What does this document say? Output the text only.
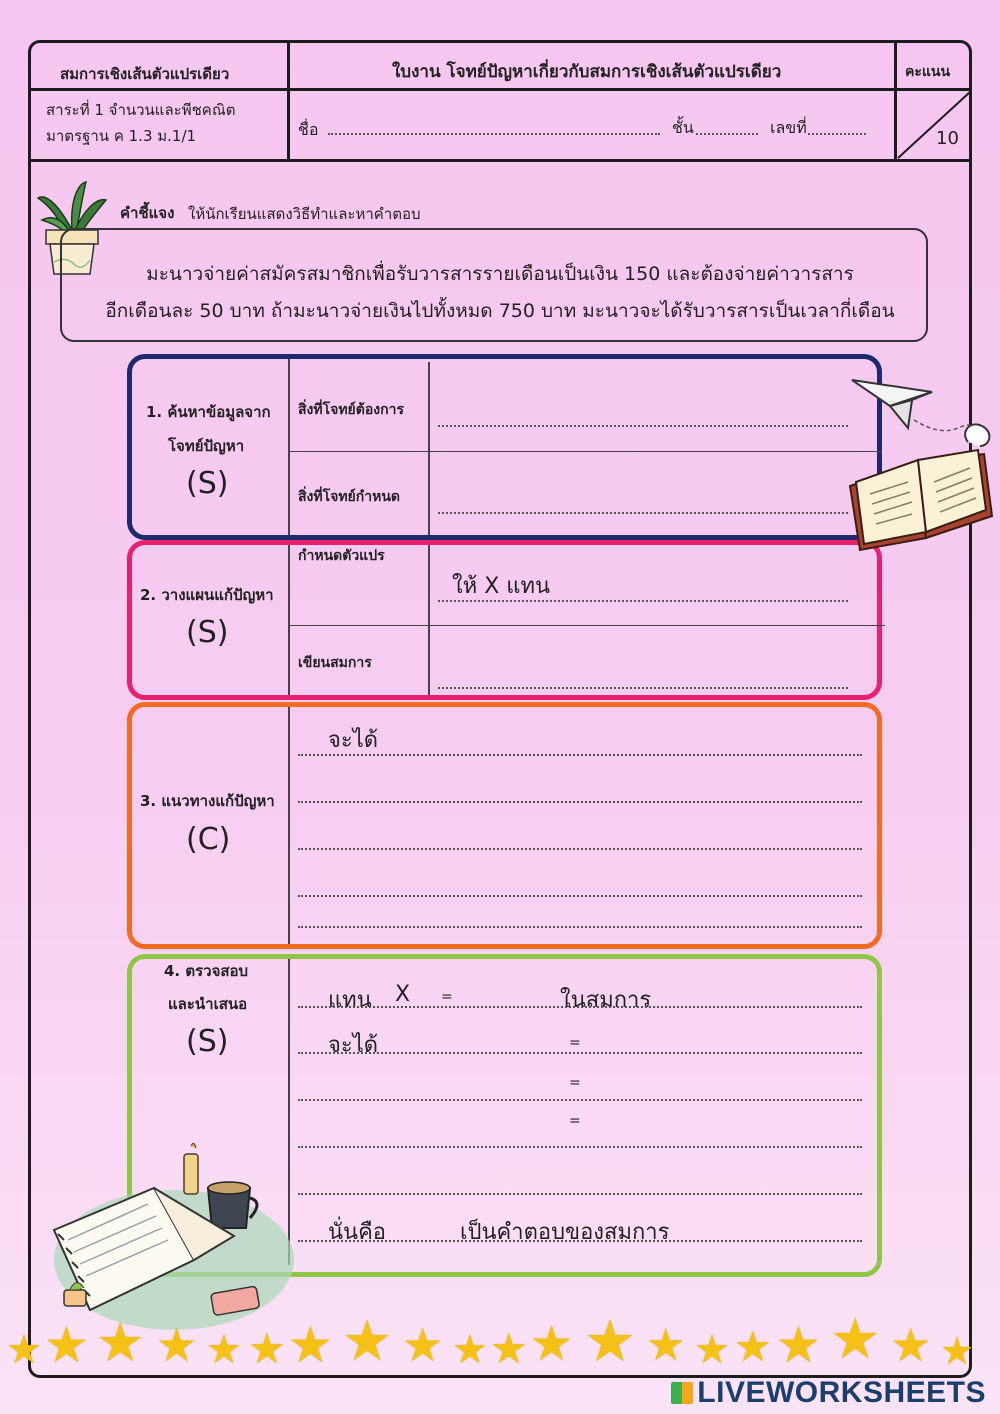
สมการเชิงเส้นตัวแปรเดียว	ใบงาน โจทย์ปัญหาเกี่ยวกับสมการเชิงเส้นตัวแปรเดียว	คะแนน
สาระที่ 1 จำนวนและพีชคณิต
มาตรฐาน ค 1.3 ม.1/1	ชื่อ	ชั้น	เลขที่
10
คำชี้แจง ให้นักเรียนแสดงวิธีทำและหาคำตอบ
มะนาวจ่ายค่าสมัครสมาชิกเพื่อรับวารสารรายเดือนเป็นเงิน 150 และต้องจ่ายค่าวารสาร
อีกเดือนละ 50 บาท ถ้ามะนาวจ่ายเงินไปทั้งหมด 750 บาท มะนาวจะได้รับวารสารเป็นเวลากี่เดือน
1. ค้นหาข้อมูลจาก
โจทย์ปัญหา
(S)
สิ่งที่โจทย์ต้องการ
สิ่งที่โจทย์กำหนด
2. วางแผนแก้ปัญหา
(S)
กำหนดตัวแปร
ให้ X แทน
เขียนสมการ
3. แนวทางแก้ปัญหา
(C)
จะได้
4. ตรวจสอบ
และนำเสนอ
(S)
แทน X =	ในสมการ
จะได้	=
=
=
นั่นคือ	เป็นคำตอบของสมการ
★ ★ ★ ★ ★ ★ ★ ★ ★ ★ ★ ★ ★ ★ ★ ★ ★ ★ ★ ★
LIVEWORKSHEETS
